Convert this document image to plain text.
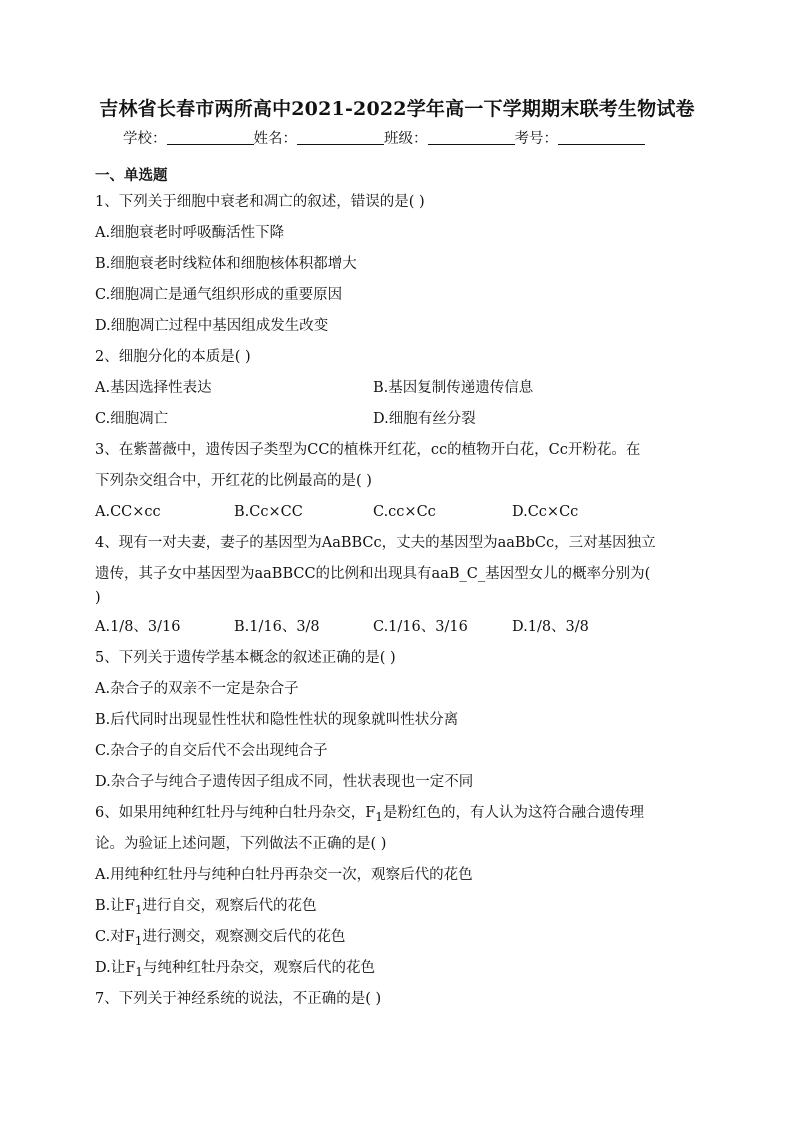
吉林省长春市两所高中2021-2022学年高一下学期期末联考生物试卷
学校：	姓名：	班级：	考号：
一、单选题
1、下列关于细胞中衰老和凋亡的叙述，错误的是( )
A.细胞衰老时呼吸酶活性下降
B.细胞衰老时线粒体和细胞核体积都增大
C.细胞凋亡是通气组织形成的重要原因
D.细胞凋亡过程中基因组成发生改变
2、细胞分化的本质是( )
A.基因选择性表达	B.基因复制传递遗传信息
C.细胞凋亡	D.细胞有丝分裂
3、在紫蔷薇中，遗传因子类型为CC的植株开红花，cc的植物开白花，Cc开粉花。在
下列杂交组合中，开红花的比例最高的是( )
A.CC×cc	B.Cc×CC	C.cc×Cc	D.Cc×Cc
4、现有一对夫妻，妻子的基因型为AaBBCc，丈夫的基因型为aaBbCc，三对基因独立
遗传，其子女中基因型为aaBBCC的比例和出现具有aaB_C_基因型女儿的概率分别为(
)
A.1/8、3/16	B.1/16、3/8	C.1/16、3/16	D.1/8、3/8
5、下列关于遗传学基本概念的叙述正确的是( )
A.杂合子的双亲不一定是杂合子
B.后代同时出现显性性状和隐性性状的现象就叫性状分离
C.杂合子的自交后代不会出现纯合子
D.杂合子与纯合子遗传因子组成不同，性状表现也一定不同
6、如果用纯种红牡丹与纯种白牡丹杂交，$F_1$是粉红色的，有人认为这符合融合遗传理
论。为验证上述问题，下列做法不正确的是( )
A.用纯种红牡丹与纯种白牡丹再杂交一次，观察后代的花色
B.让$F_1$进行自交，观察后代的花色
C.对$F_1$进行测交，观察测交后代的花色
D.让$F_1$与纯种红牡丹杂交，观察后代的花色
7、下列关于神经系统的说法，不正确的是( )
